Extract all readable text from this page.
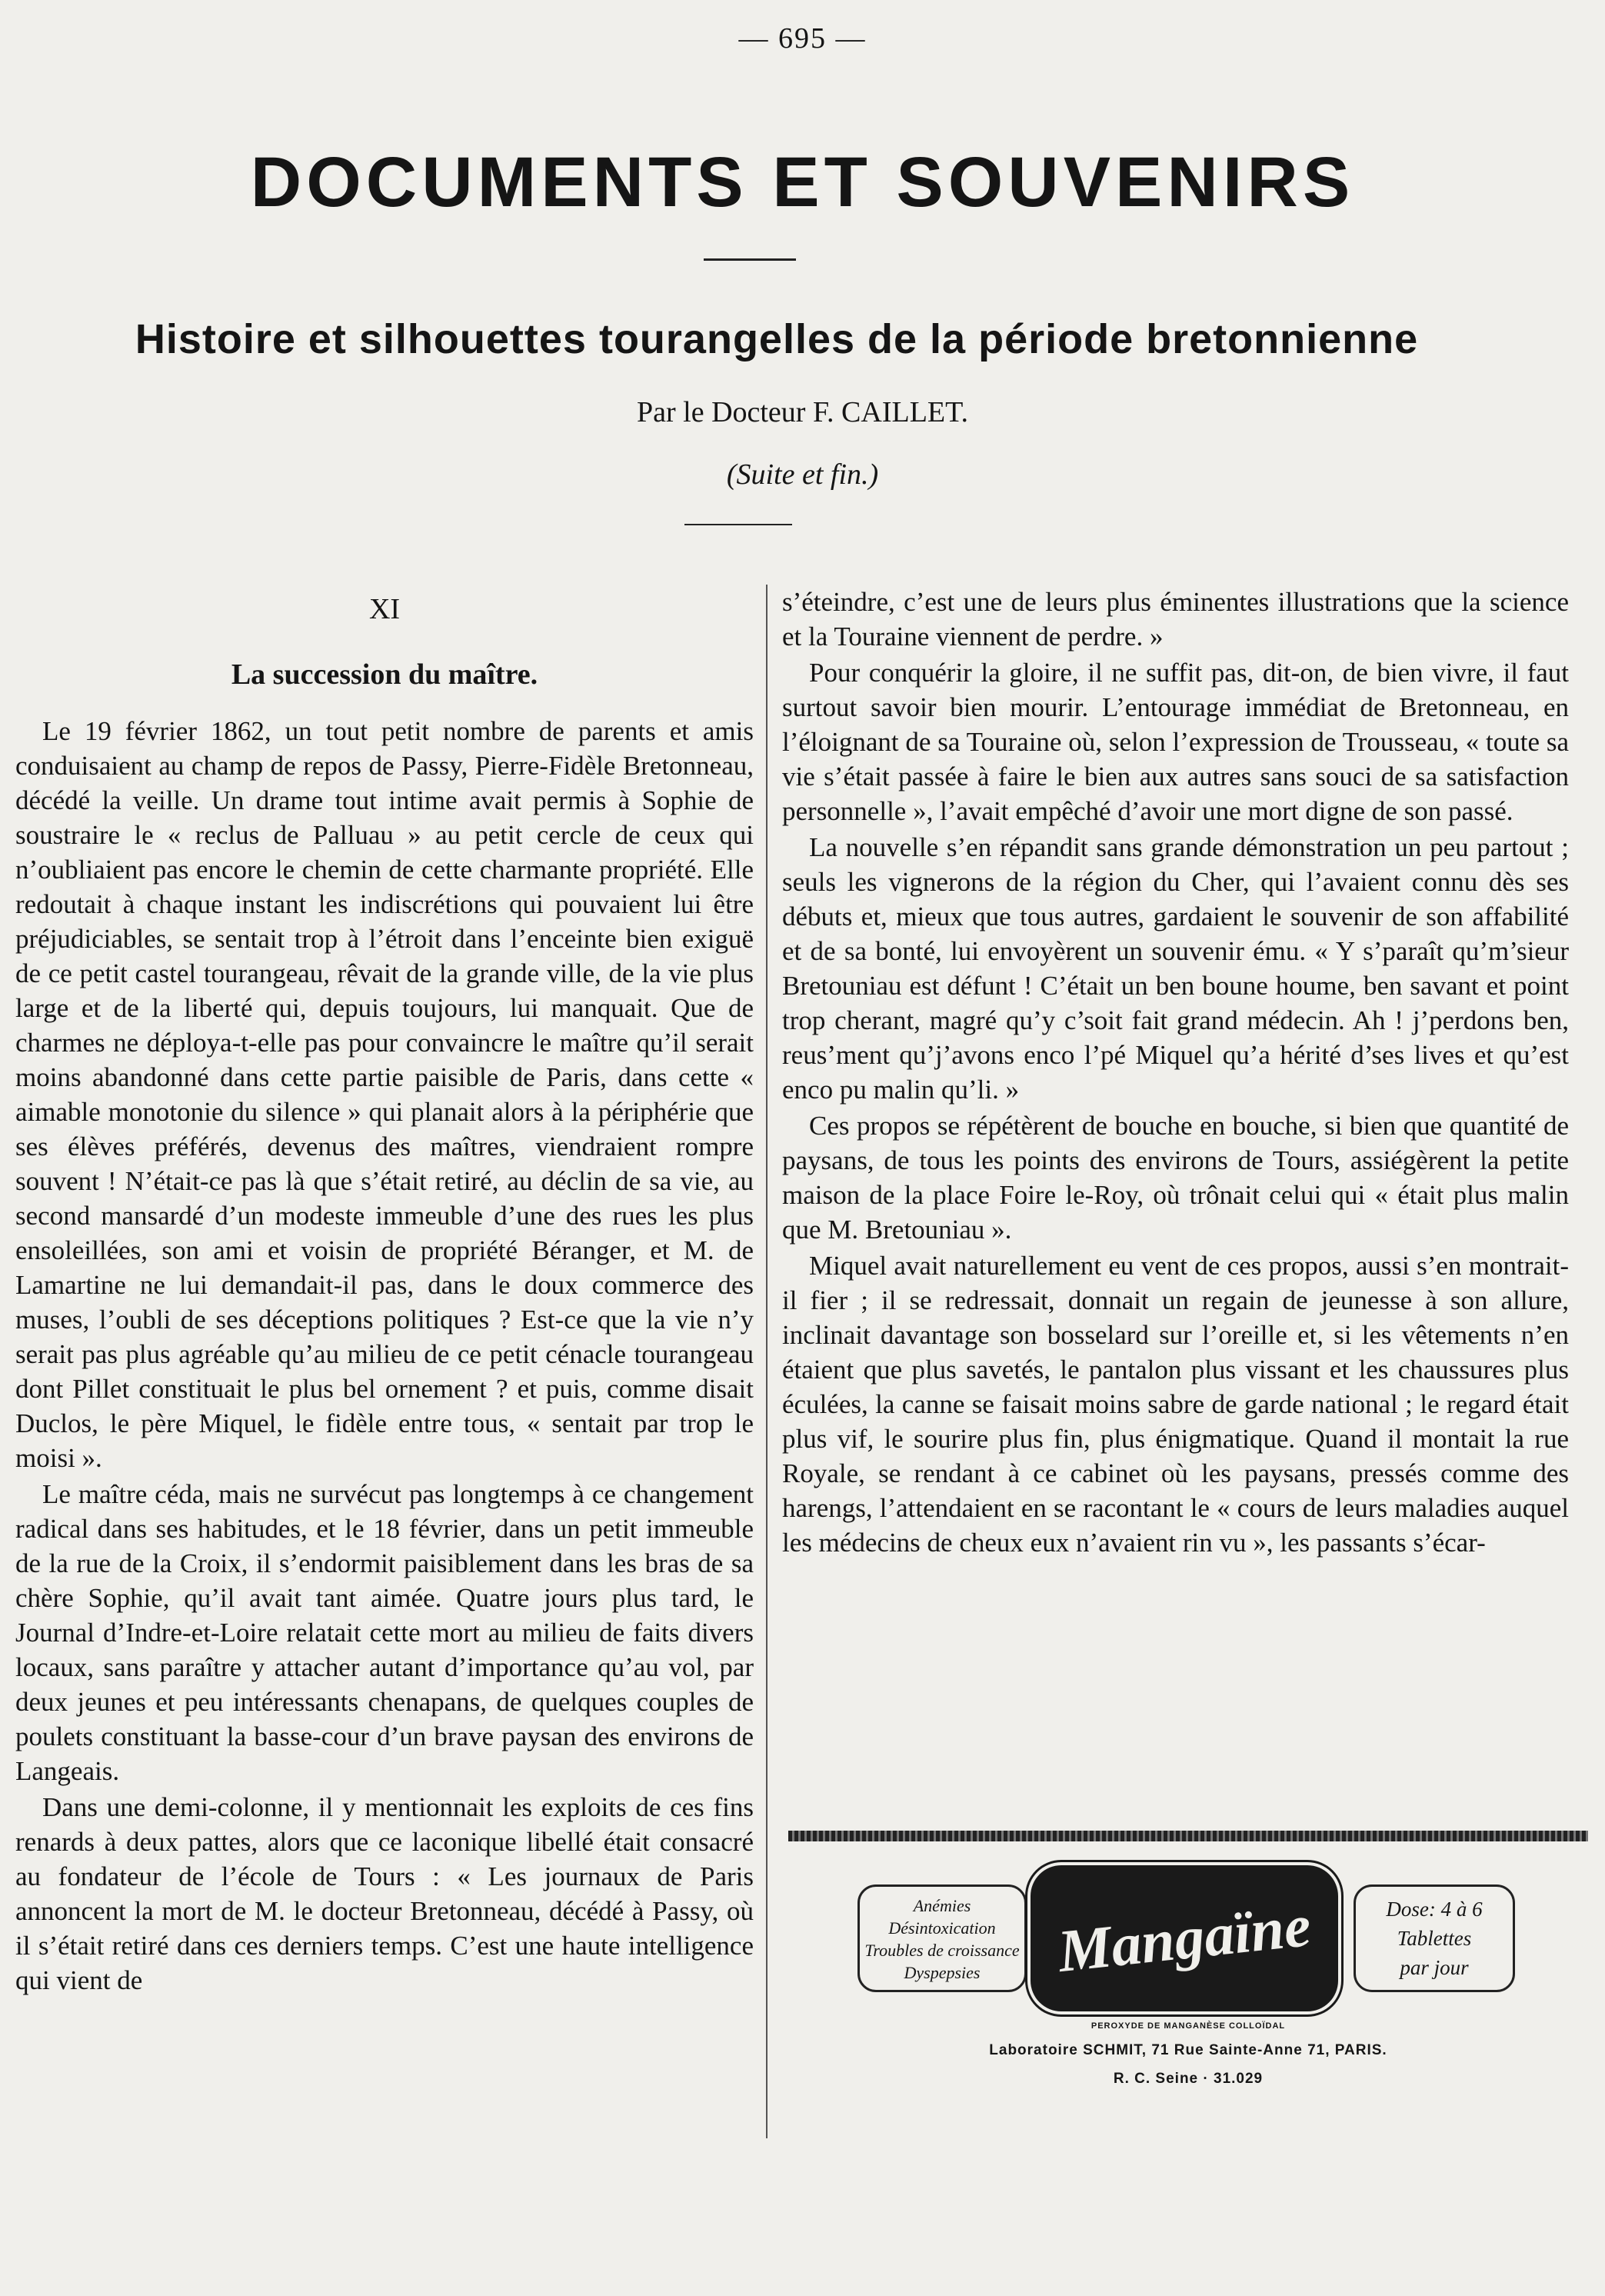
— 695 —
DOCUMENTS ET SOUVENIRS
Histoire et silhouettes tourangelles de la période bretonnienne
Par le Docteur F. CAILLET.
(Suite et fin.)
XI
La succession du maître.

Le 19 février 1862, un tout petit nombre de parents et amis conduisaient au champ de repos de Passy, Pierre-Fidèle Bretonneau, décédé la veille. Un drame tout intime avait permis à Sophie de soustraire le « reclus de Palluau » au petit cercle de ceux qui n’oubliaient pas encore le chemin de cette charmante propriété. Elle redoutait à chaque instant les indiscrétions qui pouvaient lui être préjudiciables, se sentait trop à l’étroit dans l’enceinte bien exiguë de ce petit castel tourangeau, rêvait de la grande ville, de la vie plus large et de la liberté qui, depuis toujours, lui manquait. Que de charmes ne déploya-t-elle pas pour convaincre le maître qu’il serait moins abandonné dans cette partie paisible de Paris, dans cette « aimable monotonie du silence » qui planait alors à la périphérie que ses élèves préférés, devenus des maîtres, viendraient rompre souvent ! N’était-ce pas là que s’était retiré, au déclin de sa vie, au second mansardé d’un modeste immeuble d’une des rues les plus ensoleillées, son ami et voisin de propriété Béranger, et M. de Lamartine ne lui demandait-il pas, dans le doux commerce des muses, l’oubli de ses déceptions politiques ? Est-ce que la vie n’y serait pas plus agréable qu’au milieu de ce petit cénacle tourangeau dont Pillet constituait le plus bel ornement ? et puis, comme disait Duclos, le père Miquel, le fidèle entre tous, « sentait par trop le moisi ».

Le maître céda, mais ne survécut pas longtemps à ce changement radical dans ses habitudes, et le 18 février, dans un petit immeuble de la rue de la Croix, il s’endormit paisiblement dans les bras de sa chère Sophie, qu’il avait tant aimée. Quatre jours plus tard, le Journal d’Indre-et-Loire relatait cette mort au milieu de faits divers locaux, sans paraître y attacher autant d’importance qu’au vol, par deux jeunes et peu intéressants chenapans, de quelques couples de poulets constituant la basse-cour d’un brave paysan des environs de Langeais.

Dans une demi-colonne, il y mentionnait les exploits de ces fins renards à deux pattes, alors que ce laconique libellé était consacré au fondateur de l’école de Tours : « Les journaux de Paris annoncent la mort de M. le docteur Bretonneau, décédé à Passy, où il s’était retiré dans ces derniers temps. C’est une haute intelligence qui vient de

s’éteindre, c’est une de leurs plus éminentes illustrations que la science et la Touraine viennent de perdre. »

Pour conquérir la gloire, il ne suffit pas, dit-on, de bien vivre, il faut surtout savoir bien mourir. L’entourage immédiat de Bretonneau, en l’éloignant de sa Touraine où, selon l’expression de Trousseau, « toute sa vie s’était passée à faire le bien aux autres sans souci de sa satisfaction personnelle », l’avait empêché d’avoir une mort digne de son passé.

La nouvelle s’en répandit sans grande démonstration un peu partout ; seuls les vignerons de la région du Cher, qui l’avaient connu dès ses débuts et, mieux que tous autres, gardaient le souvenir de son affabilité et de sa bonté, lui envoyèrent un souvenir ému. « Y s’paraît qu’m’sieur Bretouniau est défunt ! C’était un ben boune houme, ben savant et point trop cherant, magré qu’y c’soit fait grand médecin. Ah ! j’perdons ben, reus’ment qu’j’avons enco l’pé Miquel qu’a hérité d’ses lives et qu’est enco pu malin qu’li. »

Ces propos se répétèrent de bouche en bouche, si bien que quantité de paysans, de tous les points des environs de Tours, assiégèrent la petite maison de la place Foire le-Roy, où trônait celui qui « était plus malin que M. Bretouniau ».

Miquel avait naturellement eu vent de ces propos, aussi s’en montrait-il fier ; il se redressait, donnait un regain de jeunesse à son allure, inclinait davantage son bosselard sur l’oreille et, si les vêtements n’en étaient que plus savetés, le pantalon plus vissant et les chaussures plus éculées, la canne se faisait moins sabre de garde national ; le regard était plus vif, le sourire plus fin, plus énigmatique. Quand il montait la rue Royale, se rendant à ce cabinet où les paysans, pressés comme des harengs, l’attendaient en se racontant le « cours de leurs maladies auquel les médecins de cheux eux n’avaient rin vu », les passants s’écar-

Anémies
Désintoxication
Troubles de croissance
Dyspepsies	Mangaïne	Dose: 4 à 6
Tablettes
par jour
PEROXYDE DE MANGANÈSE COLLOÏDAL
Laboratoire SCHMIT, 71 Rue Sainte-Anne 71, PARIS.
R. C. Seine · 31.029
